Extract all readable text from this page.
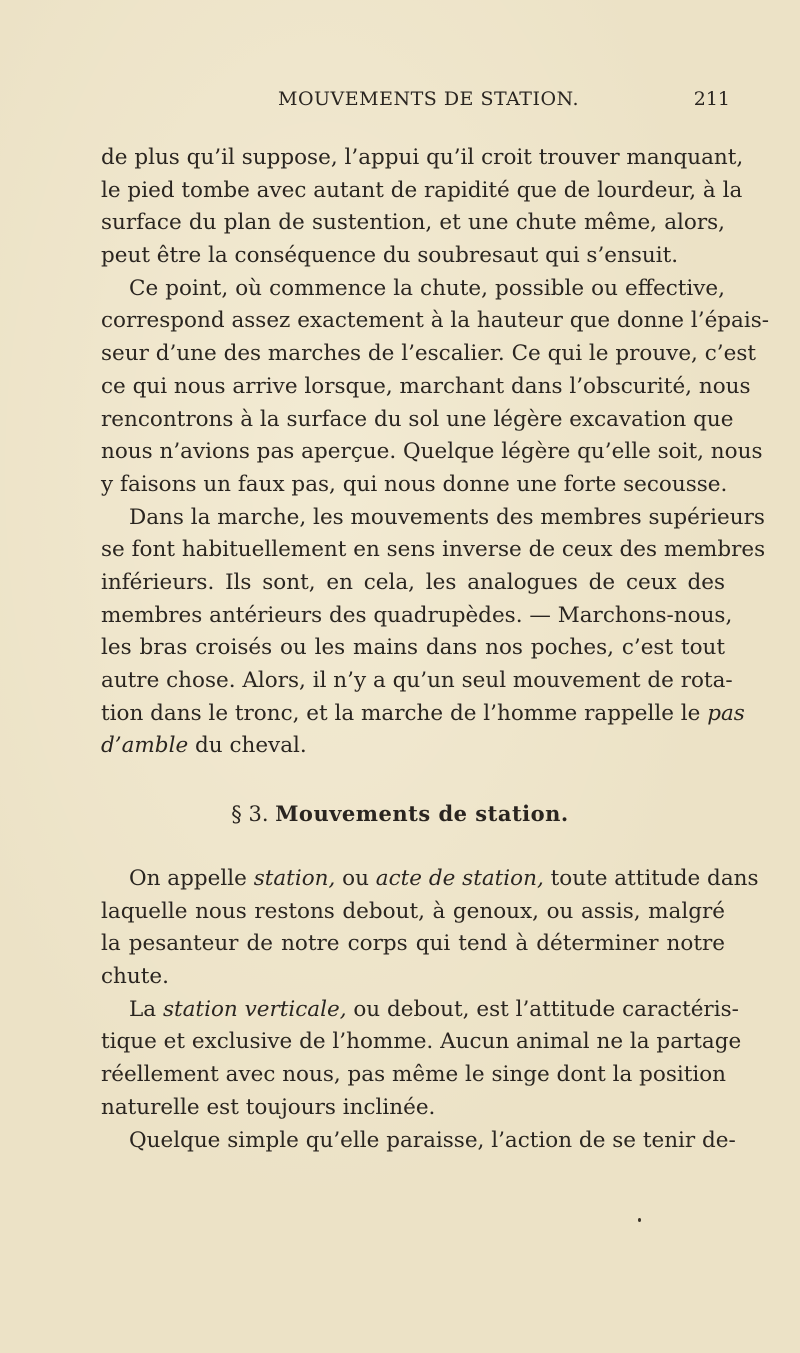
MOUVEMENTS DE STATION.	211
de plus qu’il suppose, l’appui qu’il croit trouver manquant,
le pied tombe avec autant de rapidité que de lourdeur, à la
surface du plan de sustention, et une chute même, alors,
peut être la conséquence du soubresaut qui s’ensuit.
Ce point, où commence la chute, possible ou effective,
correspond assez exactement à la hauteur que donne l’épais-
seur d’une des marches de l’escalier. Ce qui le prouve, c’est
ce qui nous arrive lorsque, marchant dans l’obscurité, nous
rencontrons à la surface du sol une légère excavation que
nous n’avions pas aperçue. Quelque légère qu’elle soit, nous
y faisons un faux pas, qui nous donne une forte secousse.
Dans la marche, les mouvements des membres supérieurs
se font habituellement en sens inverse de ceux des membres
inférieurs. Ils sont, en cela, les analogues de ceux des
membres antérieurs des quadrupèdes. — Marchons-nous,
les bras croisés ou les mains dans nos poches, c’est tout
autre chose. Alors, il n’y a qu’un seul mouvement de rota-
tion dans le tronc, et la marche de l’homme rappelle le pas
d’amble du cheval.
§ 3. Mouvements de station.
On appelle station, ou acte de station, toute attitude dans
laquelle nous restons debout, à genoux, ou assis, malgré
la pesanteur de notre corps qui tend à déterminer notre
chute.
La station verticale, ou debout, est l’attitude caractéris-
tique et exclusive de l’homme. Aucun animal ne la partage
réellement avec nous, pas même le singe dont la position
naturelle est toujours inclinée.
Quelque simple qu’elle paraisse, l’action de se tenir de-
